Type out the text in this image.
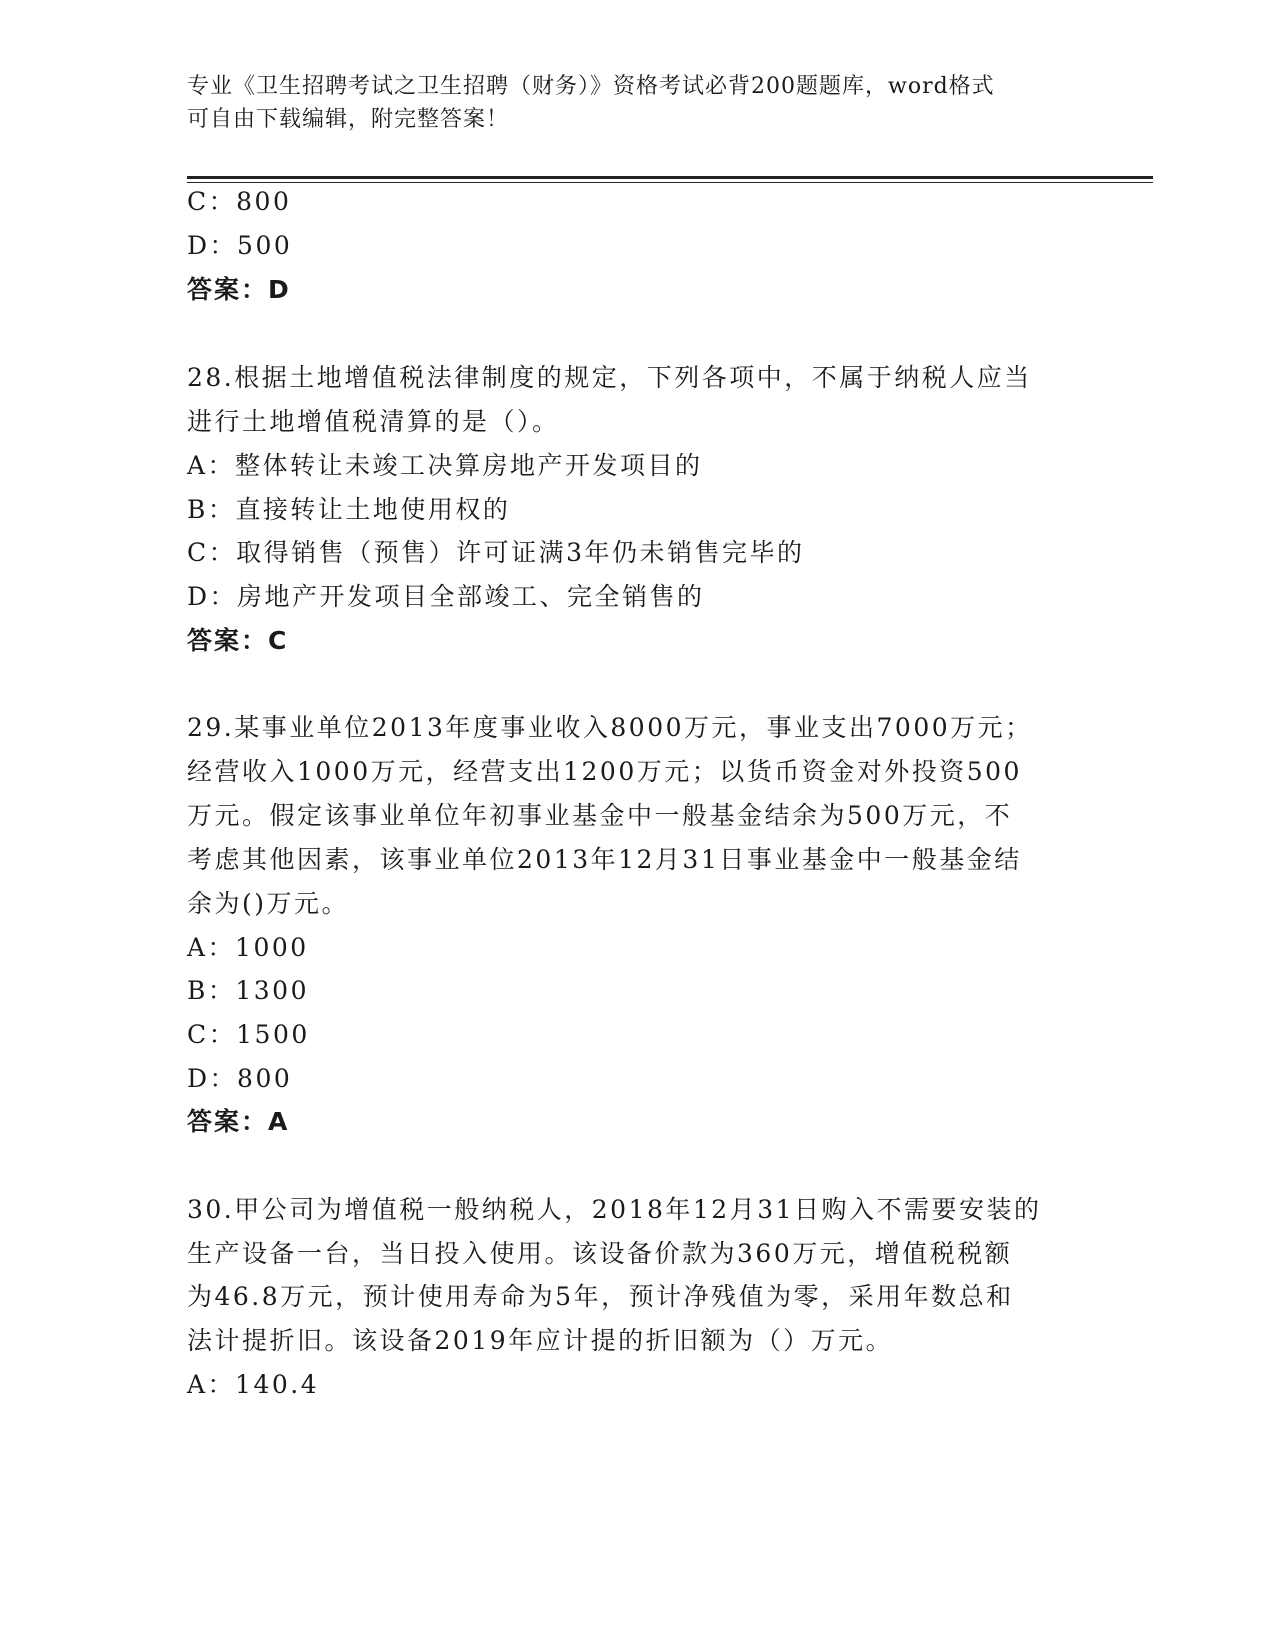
专业《卫生招聘考试之卫生招聘（财务）》资格考试必背200题题库，word格式
可自由下载编辑，附完整答案！
C：800
D：500
答案：D
28.根据土地增值税法律制度的规定，下列各项中，不属于纳税人应当
进行土地增值税清算的是（）。
A：整体转让未竣工决算房地产开发项目的
B：直接转让土地使用权的
C：取得销售（预售）许可证满3年仍未销售完毕的
D：房地产开发项目全部竣工、完全销售的
答案：C
29.某事业单位2013年度事业收入8000万元，事业支出7000万元；
经营收入1000万元，经营支出1200万元；以货币资金对外投资500
万元。假定该事业单位年初事业基金中一般基金结余为500万元，不
考虑其他因素，该事业单位2013年12月31日事业基金中一般基金结
余为()万元。
A：1000
B：1300
C：1500
D：800
答案：A
30.甲公司为增值税一般纳税人，2018年12月31日购入不需要安装的
生产设备一台，当日投入使用。该设备价款为360万元，增值税税额
为46.8万元，预计使用寿命为5年，预计净残值为零，采用年数总和
法计提折旧。该设备2019年应计提的折旧额为（）万元。
A：140.4
